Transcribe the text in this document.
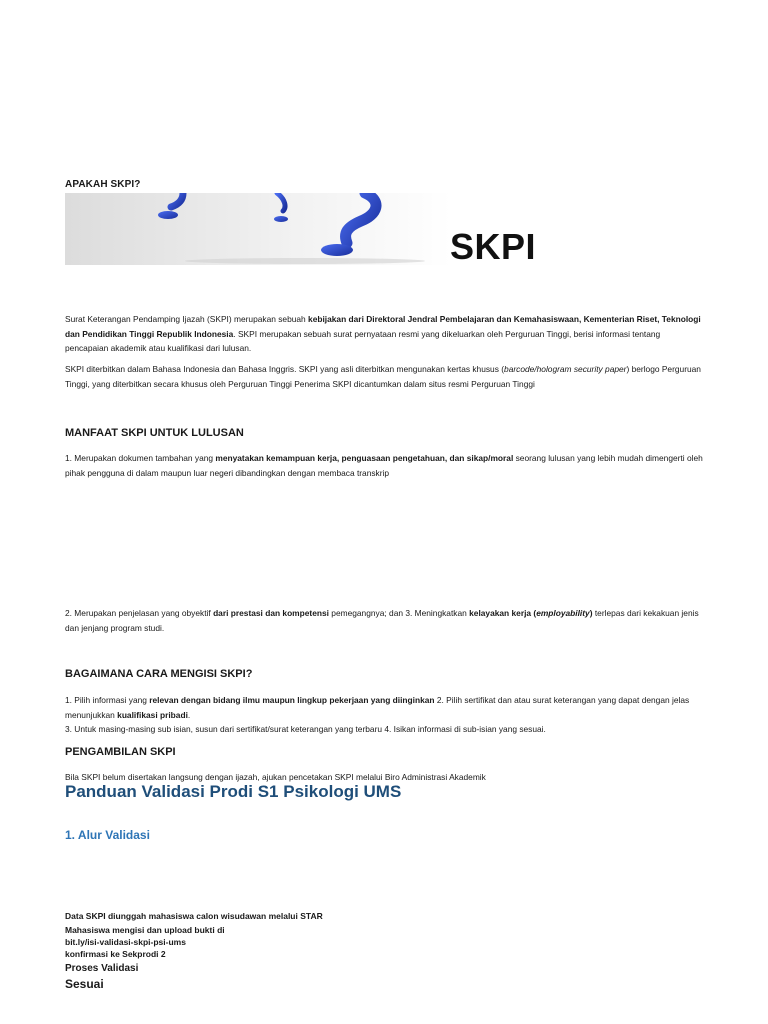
APAKAH SKPI?
SKPI
Surat Keterangan Pendamping Ijazah (SKPI) merupakan sebuah kebijakan dari Direktoral Jendral Pembelajaran dan Kemahasiswaan, Kementerian Riset, Teknologi dan Pendidikan Tinggi Republik Indonesia. SKPI merupakan sebuah surat pernyataan resmi yang dikeluarkan oleh Perguruan Tinggi, berisi informasi tentang pencapaian akademik atau kualifikasi dari lulusan.
SKPI diterbitkan dalam Bahasa Indonesia dan Bahasa Inggris. SKPI yang asli diterbitkan mengunakan kertas khusus (barcode/hologram security paper) berlogo Perguruan Tinggi, yang diterbitkan secara khusus oleh Perguruan Tinggi Penerima SKPI dicantumkan dalam situs resmi Perguruan Tinggi
MANFAAT SKPI UNTUK LULUSAN
1. Merupakan dokumen tambahan yang menyatakan kemampuan kerja, penguasaan pengetahuan, dan sikap/moral seorang lulusan yang lebih mudah dimengerti oleh pihak pengguna di dalam maupun luar negeri dibandingkan dengan membaca transkrip
2. Merupakan penjelasan yang obyektif dari prestasi dan kompetensi pemegangnya; dan 3. Meningkatkan kelayakan kerja (employability) terlepas dari kekakuan jenis dan jenjang program studi.
BAGAIMANA CARA MENGISI SKPI?
1. Pilih informasi yang relevan dengan bidang ilmu maupun lingkup pekerjaan yang diinginkan 2. Pilih sertifikat dan atau surat keterangan yang dapat dengan jelas menunjukkan kualifikasi pribadi.
3. Untuk masing-masing sub isian, susun dari sertifikat/surat keterangan yang terbaru 4. Isikan informasi di sub-isian yang sesuai.
PENGAMBILAN SKPI
Bila SKPI belum disertakan langsung dengan ijazah, ajukan pencetakan SKPI melalui Biro Administrasi Akademik
Panduan Validasi Prodi S1 Psikologi UMS
1. Alur Validasi
Data SKPI diunggah mahasiswa calon wisudawan melalui STAR
Mahasiswa mengisi dan upload bukti di
bit.ly/isi-validasi-skpi-psi-ums
konfirmasi ke Sekprodi 2
Proses Validasi
Sesuai
